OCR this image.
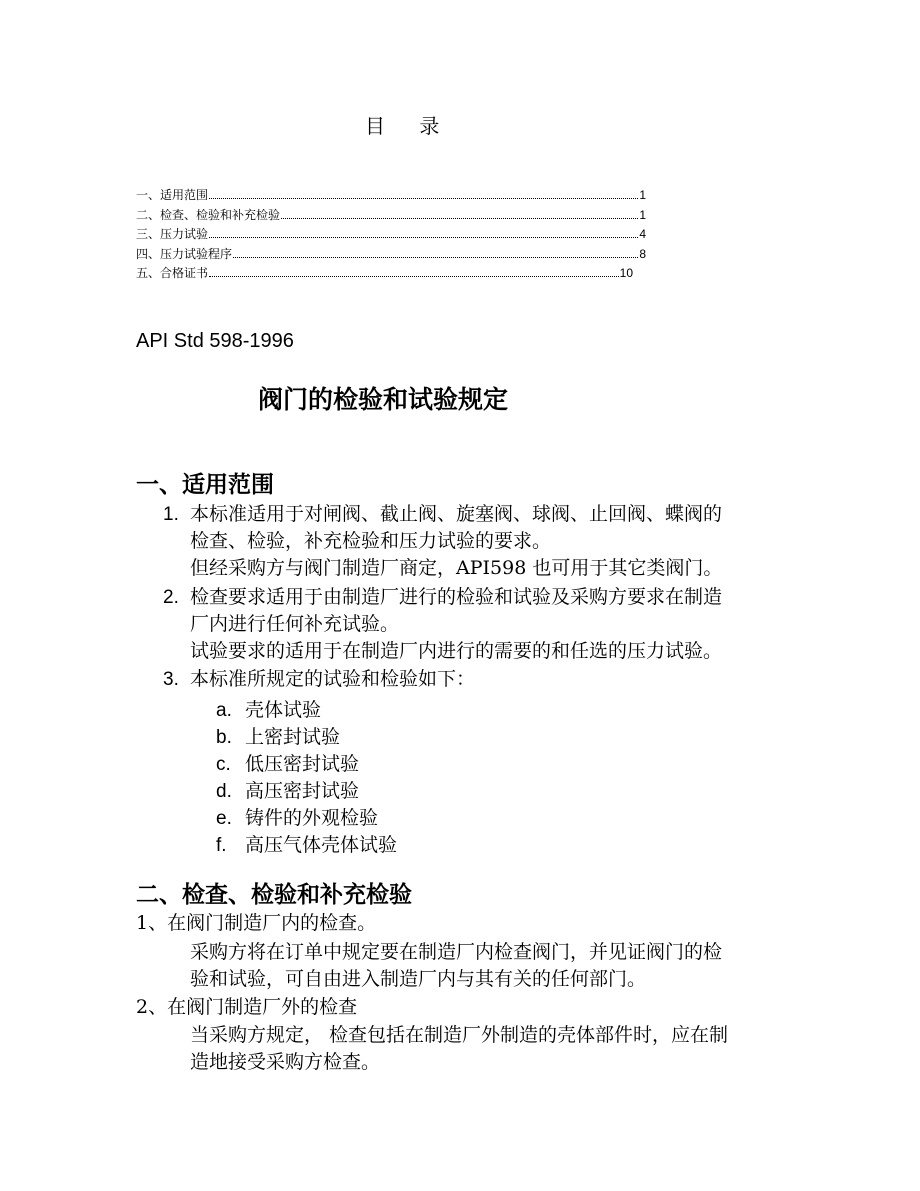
目 录
一、适用范围	1
二、检查、检验和补充检验	1
三、压力试验	4
四、压力试验程序	8
五、合格证书	10
API Std 598-1996
阀门的检验和试验规定
一、适用范围
1. 本标准适用于对闸阀、截止阀、旋塞阀、球阀、止回阀、蝶阀的
检查、检验，补充检验和压力试验的要求。
但经采购方与阀门制造厂商定，API598 也可用于其它类阀门。
2. 检查要求适用于由制造厂进行的检验和试验及采购方要求在制造
厂内进行任何补充试验。
试验要求的适用于在制造厂内进行的需要的和任选的压力试验。
3. 本标准所规定的试验和检验如下：
a. 壳体试验
b. 上密封试验
c. 低压密封试验
d. 高压密封试验
e. 铸件的外观检验
f. 高压气体壳体试验
二、检查、检验和补充检验
1、在阀门制造厂内的检查。
采购方将在订单中规定要在制造厂内检查阀门，并见证阀门的检
验和试验，可自由进入制造厂内与其有关的任何部门。
2、在阀门制造厂外的检查
当采购方规定， 检查包括在制造厂外制造的壳体部件时，应在制
造地接受采购方检查。
